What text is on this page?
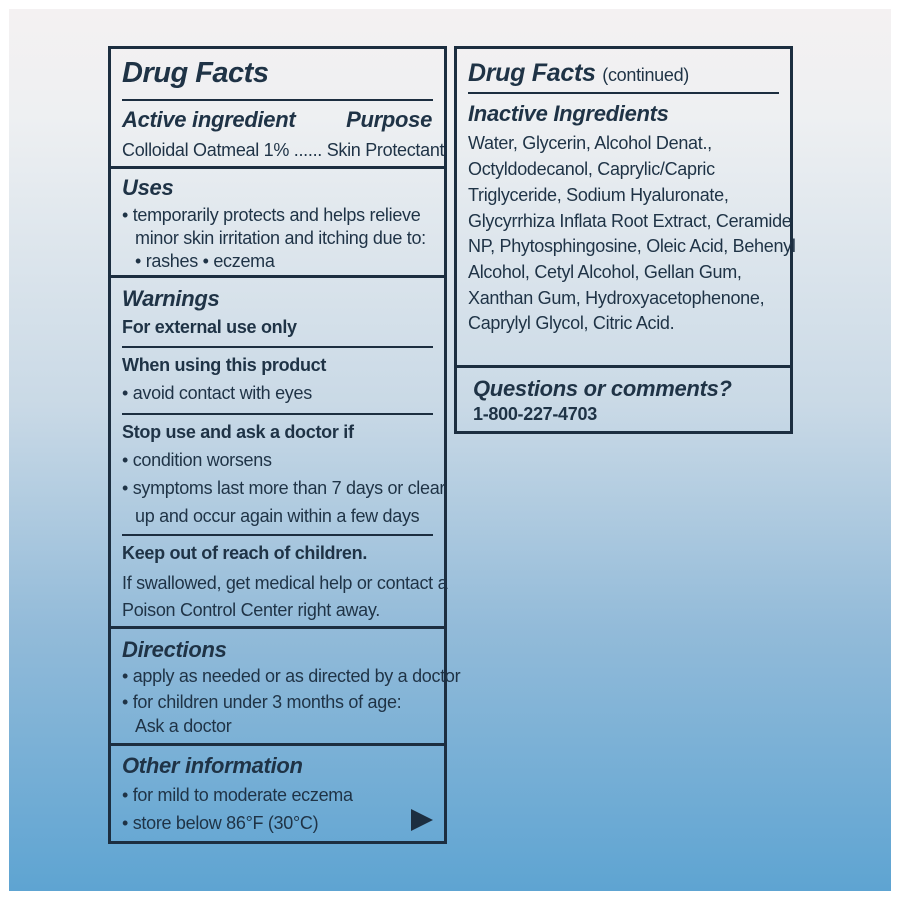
Drug Facts
Active ingredient Purpose
Colloidal Oatmeal 1% ...... Skin Protectant
Uses
• temporarily protects and helps relieve
minor skin irritation and itching due to:
• rashes • eczema
Warnings
For external use only
When using this product
• avoid contact with eyes
Stop use and ask a doctor if
• condition worsens
• symptoms last more than 7 days or clear
up and occur again within a few days
Keep out of reach of children.
If swallowed, get medical help or contact a
Poison Control Center right away.
Directions
• apply as needed or as directed by a doctor
• for children under 3 months of age:
Ask a doctor
Other information
• for mild to moderate eczema
• store below 86°F (30°C)
Drug Facts (continued)
Inactive Ingredients
Water, Glycerin, Alcohol Denat.,
Octyldodecanol, Caprylic/Capric
Triglyceride, Sodium Hyaluronate,
Glycyrrhiza Inflata Root Extract, Ceramide
NP, Phytosphingosine, Oleic Acid, Behenyl
Alcohol, Cetyl Alcohol, Gellan Gum,
Xanthan Gum, Hydroxyacetophenone,
Caprylyl Glycol, Citric Acid.
Questions or comments?
1-800-227-4703
